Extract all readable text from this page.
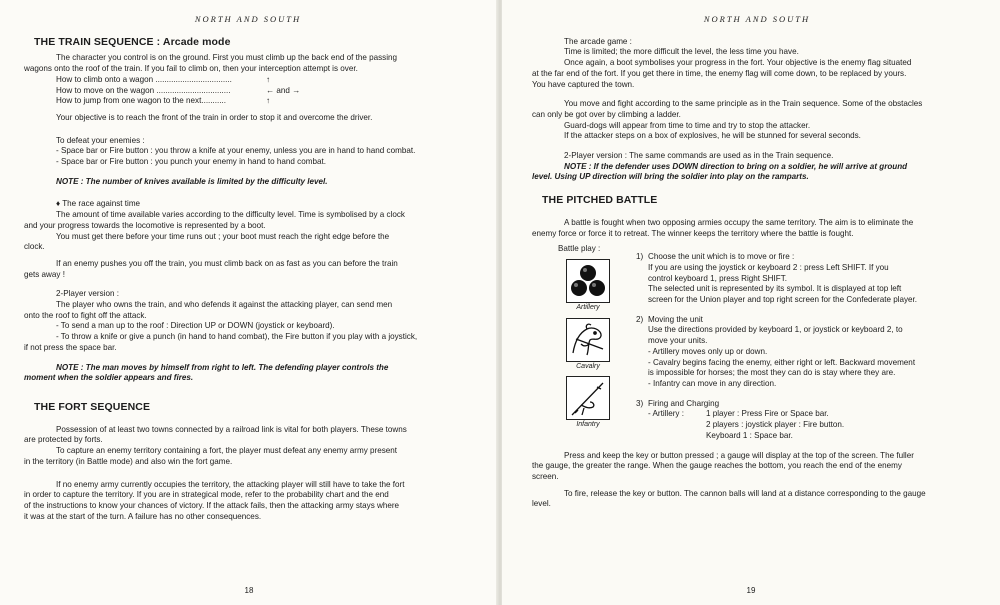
NORTH AND SOUTH
THE TRAIN SEQUENCE : Arcade mode

The character you control is on the ground. First you must climb up the back end of the passing

wagons onto the roof of the train. If you fail to climb on, then your interception attempt is over.

How to climb onto a wagon ..................................	↑
How to move on the wagon .................................	← and →
How to jump from one wagon to the next...........	↑

Your objective is to reach the front of the train in order to stop it and overcome the driver.

To defeat your enemies :

- Space bar or Fire button : you throw a knife at your enemy, unless you are in hand to hand combat.

- Space bar or Fire button : you punch your enemy in hand to hand combat.

NOTE : The number of knives available is limited by the difficulty level.

♦ The race against time

The amount of time available varies according to the difficulty level. Time is symbolised by a clock

and your progress towards the locomotive is represented by a boot.

You must get there before your time runs out ; your boot must reach the right edge before the

clock.

If an enemy pushes you off the train, you must climb back on as fast as you can before the train

gets away !

2-Player version :

The player who owns the train, and who defends it against the attacking player, can send men

onto the roof to fight off the attack.

- To send a man up to the roof : Direction UP or DOWN (joystick or keyboard).

- To throw a knife or give a punch (in hand to hand combat), the Fire button if you play with a joystick,

if not press the space bar.

NOTE : The man moves by himself from right to left. The defending player controls the

moment when the soldier appears and fires.

THE FORT SEQUENCE

Possession of at least two towns connected by a railroad link is vital for both players. These towns

are protected by forts.

To capture an enemy territory containing a fort, the player must defeat any enemy army present

in the territory (in Battle mode) and also win the fort game.

If no enemy army currently occupies the territory, the attacking player will still have to take the fort

in order to capture the territory. If you are in strategical mode, refer to the probability chart and the end

of the instructions to know your chances of victory. If the attack fails, then the attacking army stays where

it was at the start of the turn. A failure has no other consequences.

18
NORTH AND SOUTH

The arcade game :

Time is limited; the more difficult the level, the less time you have.

Once again, a boot symbolises your progress in the fort. Your objective is the enemy flag situated

at the far end of the fort. If you get there in time, the enemy flag will come down, to be replaced by yours.

You have captured the town.

You move and fight according to the same principle as in the Train sequence. Some of the obstacles

can only be got over by climbing a ladder.

Guard-dogs will appear from time to time and try to stop the attacker.

If the attacker steps on a box of explosives, he will be stunned for several seconds.

2-Player version : The same commands are used as in the Train sequence.

NOTE : If the defender uses DOWN direction to bring on a soldier, he will arrive at ground

level. Using UP direction will bring the soldier into play on the ramparts.

THE PITCHED BATTLE

A battle is fought when two opposing armies occupy the same territory. The aim is to eliminate the

enemy force or force it to retreat. The winner keeps the territory where the battle is fought.

Battle play :
Artillery
Cavalry
Infantry
1) Choose the unit which is to move or fire :

If you are using the joystick or keyboard 2 : press Left SHIFT. If you

control keyboard 1, press Right SHIFT.

The selected unit is represented by its symbol. It is displayed at top left

screen for the Union player and top right screen for the Confederate player.

2) Moving the unit

Use the directions provided by keyboard 1, or joystick or keyboard 2, to

move your units.

- Artillery moves only up or down.

- Cavalry begins facing the enemy, either right or left. Backward movement

is impossible for horses; the most they can do is stay where they are.

- Infantry can move in any direction.

3) Firing and Charging
- Artillery :	1 player : Press Fire or Space bar.

2 players : joystick player : Fire button.

Keyboard 1 : Space bar.

Press and keep the key or button pressed ; a gauge will display at the top of the screen. The fuller

the gauge, the greater the range. When the gauge reaches the bottom, you reach the end of the enemy

screen.

To fire, release the key or button. The cannon balls will land at a distance corresponding to the gauge

level.

19
